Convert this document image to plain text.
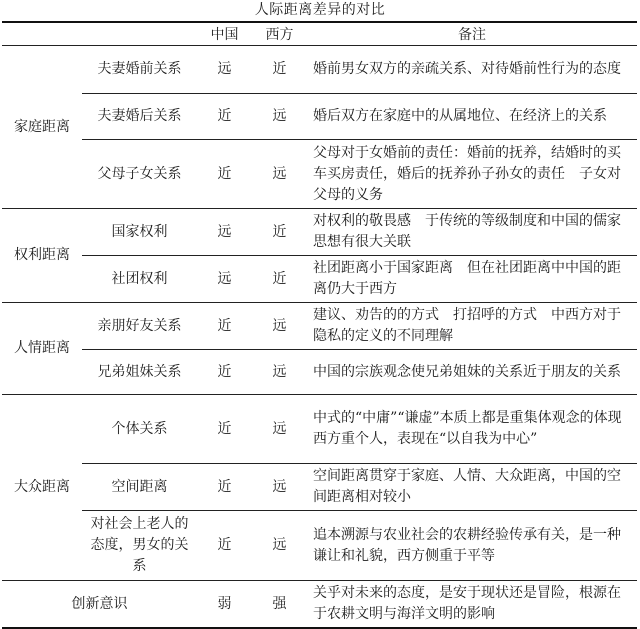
人际距离差异的对比
		中国	西方	备注
家庭距离	夫妻婚前关系	远	近	婚前男女双方的亲疏关系、对待婚前性行为的态度
	夫妻婚后关系	近	远	婚后双方在家庭中的从属地位、在经济上的关系
	父母子女关系	近	远	父母对于女婚前的责任：婚前的抚养，结婚时的买车买房责任，婚后的抚养孙子孙女的责任　子女对父母的义务
权利距离	国家权利	远	近	对权利的敬畏感　于传统的等级制度和中国的儒家思想有很大关联
	社团权利	远	近	社团距离小于国家距离　但在社团距离中中国的距离仍大于西方
人情距离	亲朋好友关系	近	远	建议、劝告的的方式　打招呼的方式　中西方对于隐私的定义的不同理解
	兄弟姐妹关系	近	远	中国的宗族观念使兄弟姐妹的关系近于朋友的关系
大众距离	个体关系	近	远	中式的“中庸”“谦虚”本质上都是重集体观念的体现　西方重个人，表现在“以自我为中心”
	空间距离	近	远	空间距离贯穿于家庭、人情、大众距离，中国的空间距离相对较小
	对社会上老人的态度，男女的关系	近	远	追本溯源与农业社会的农耕经验传承有关，是一种谦让和礼貌，西方侧重于平等
创新意识		弱	强	关乎对未来的态度，是安于现状还是冒险，根源在于农耕文明与海洋文明的影响
